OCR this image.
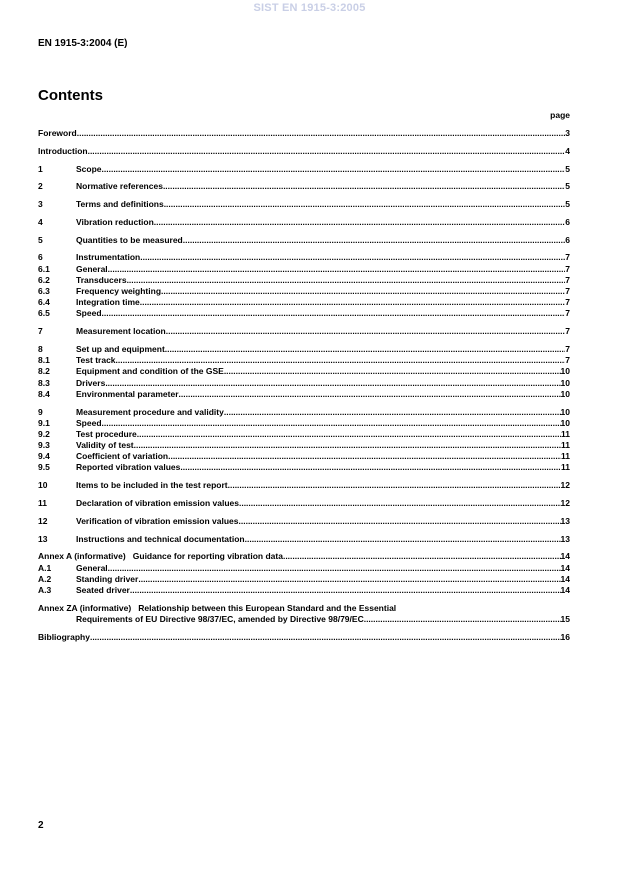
SIST EN 1915-3:2005
EN 1915-3:2004 (E)
Contents
page
Foreword .....	3
Introduction .....	4
1	Scope .....	5
2	Normative references .....	5
3	Terms and definitions .....	5
4	Vibration reduction .....	6
5	Quantities to be measured .....	6
6	Instrumentation .....	7
6.1	General .....	7
6.2	Transducers .....	7
6.3	Frequency weighting .....	7
6.4	Integration time .....	7
6.5	Speed .....	7
7	Measurement location .....	7
8	Set up and equipment .....	7
8.1	Test track .....	7
8.2	Equipment and condition of the GSE .....	10
8.3	Drivers .....	10
8.4	Environmental parameter .....	10
9	Measurement procedure and validity .....	10
9.1	Speed .....	10
9.2	Test procedure .....	11
9.3	Validity of test .....	11
9.4	Coefficient of variation .....	11
9.5	Reported vibration values .....	11
10	Items to be included in the test report .....	12
11	Declaration of vibration emission values .....	12
12	Verification of vibration emission values .....	13
13	Instructions and technical documentation .....	13
Annex A (informative)   Guidance for reporting vibration data .....	14
A.1	General .....	14
A.2	Standing driver .....	14
A.3	Seated driver .....	14
Annex ZA (informative)   Relationship between this European Standard and the Essential
Requirements of EU Directive 98/37/EC, amended by Directive 98/79/EC .....	15
Bibliography .....	16
2
